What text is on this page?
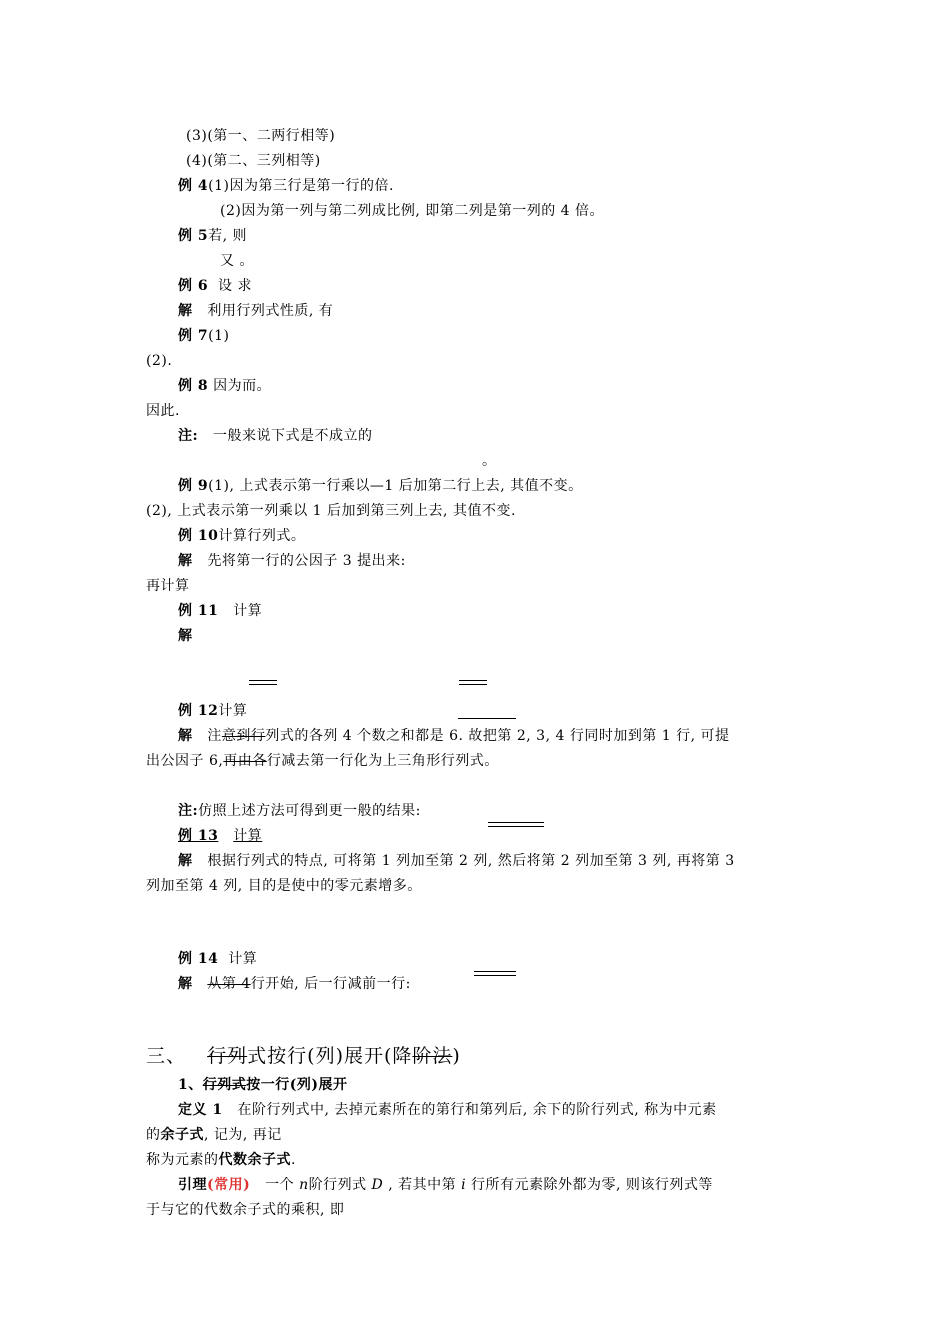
(3)(第一、二两行相等)
(4)(第二、三列相等)
例 4(1)因为第三行是第一行的倍.
(2)因为第一列与第二列成比例, 即第二列是第一列的 4 倍。
例 5若, 则
又 。
例 6 设 求
解 利用行列式性质, 有
例 7(1)
(2).
例 8 因为而。
因此.
注: 一般来说下式是不成立的
。
例 9(1), 上式表示第一行乘以—1 后加第二行上去, 其值不变。
(2), 上式表示第一列乘以 1 后加到第三列上去, 其值不变.
例 10计算行列式。
解 先将第一行的公因子 3 提出来:
再计算
例 11 计算
解
例 12计算
解 注意到行列式的各列 4 个数之和都是 6. 故把第 2, 3, 4 行同时加到第 1 行, 可提
出公因子 6,再由各行减去第一行化为上三角形行列式。
注:仿照上述方法可得到更一般的结果:
例 13 计算
解 根据行列式的特点, 可将第 1 列加至第 2 列, 然后将第 2 列加至第 3 列, 再将第 3
列加至第 4 列, 目的是使中的零元素增多。
例 14 计算
解 从第 4行开始, 后一行减前一行:
三、 行列式按行(列)展开(降阶法)
1、行列式按一行(列)展开
定义 1 在阶行列式中, 去掉元素所在的第行和第列后, 余下的阶行列式, 称为中元素
的余子式, 记为, 再记
称为元素的代数余子式.
引理(常用) 一个 n阶行列式 D , 若其中第 i 行所有元素除外都为零, 则该行列式等
于与它的代数余子式的乘积, 即
